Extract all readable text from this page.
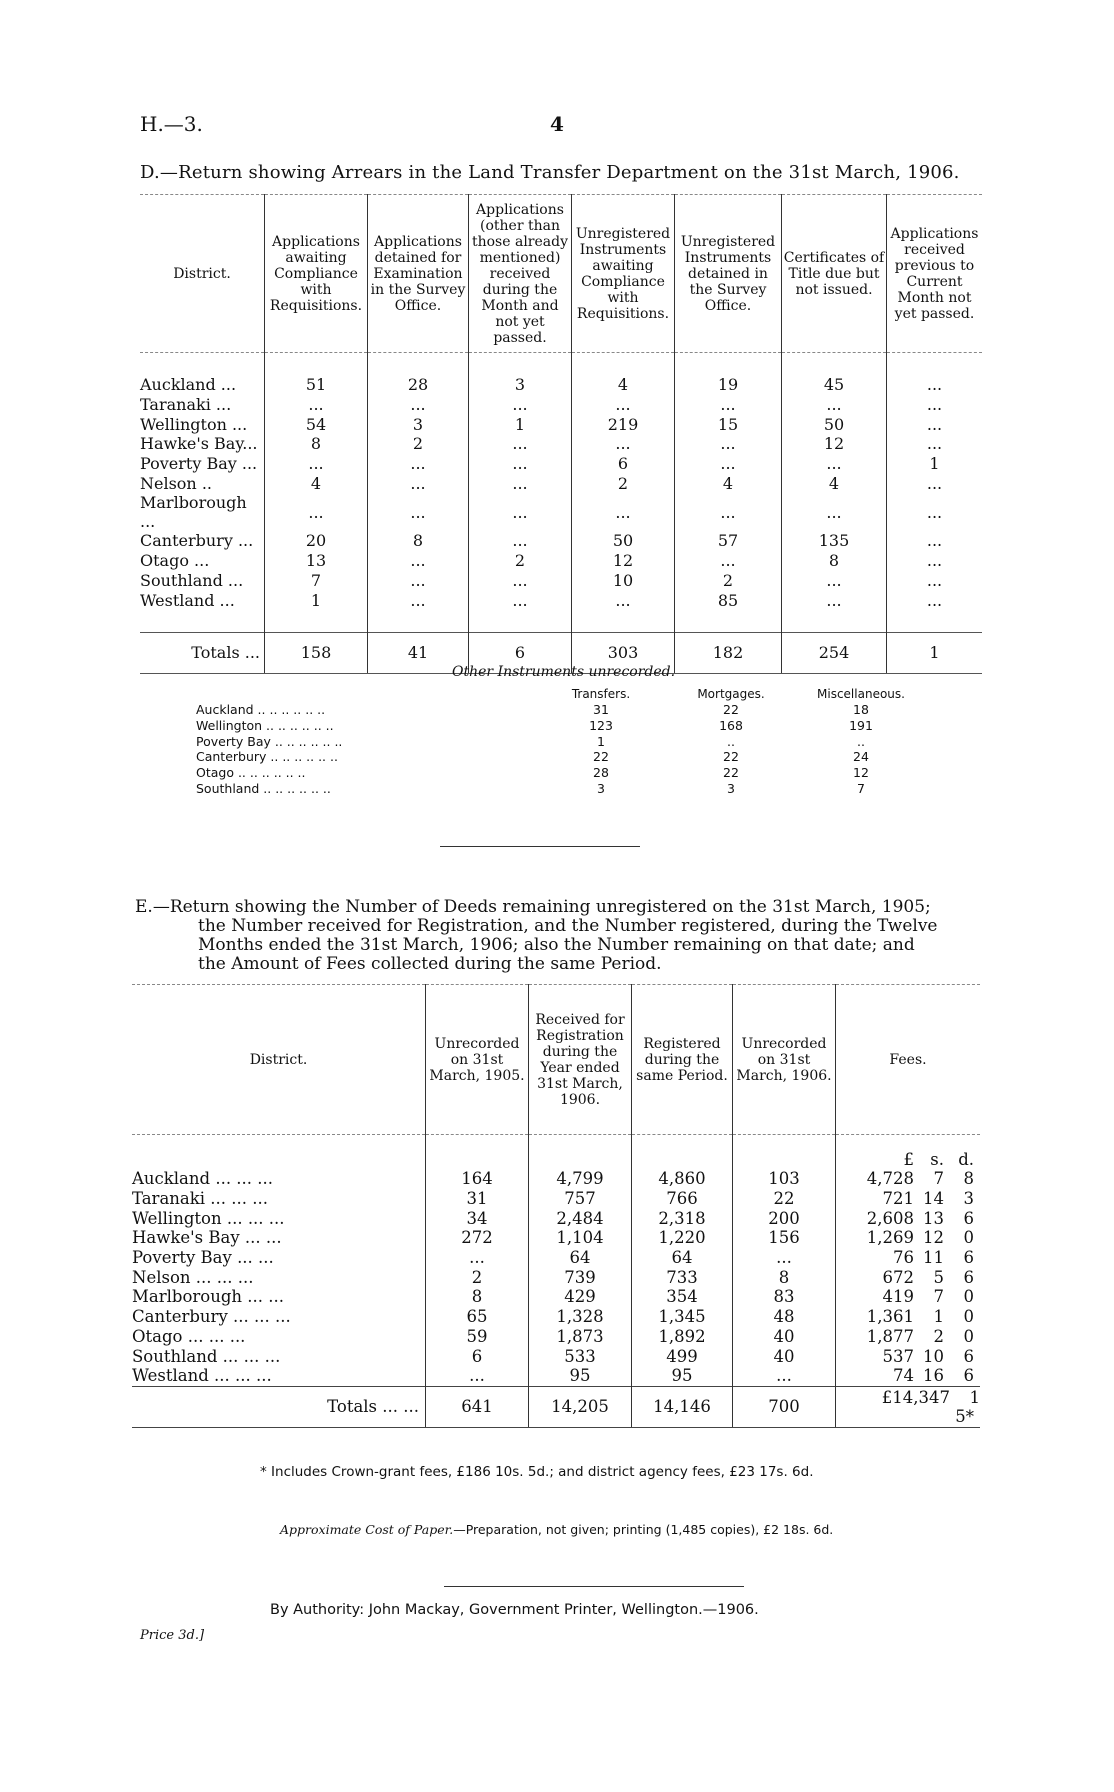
H.—3.	4
D.—Return showing Arrears in the Land Transfer Department on the 31st March, 1906.
District.	Applications awaiting Compliance with Requisitions.	Applications detained for Examination in the Survey Office.	Applications (other than those already mentioned) received during the Month and not yet passed.	Unregistered Instruments awaiting Compliance with Requisitions.	Unregistered Instruments detained in the Survey Office.	Certificates of Title due but not issued.	Applications received previous to Current Month not yet passed.

Auckland ...	51	28	3	4	19	45	...
Taranaki ...	...	...	...	...	...	...	...
Wellington ...	54	3	1	219	15	50	...
Hawke's Bay...	8	2	...	...	...	12	...
Poverty Bay ...	...	...	...	6	...	...	1
Nelson ..	4	...	...	2	4	4	...
Marlborough ...	...	...	...	...	...	...	...
Canterbury ...	20	8	...	50	57	135	...
Otago ...	13	...	2	12	...	8	...
Southland ...	7	...	...	10	2	...	...
Westland ...	1	...	...	...	85	...	...

Totals ...	158	41	6	303	182	254	1
Other Instruments unrecorded.
	Transfers.	Mortgages.	Miscellaneous.
Auckland .. .. .. .. .. ..	31	22	18
Wellington .. .. .. .. .. ..	123	168	191
Poverty Bay .. .. .. .. .. ..	1	..	..
Canterbury .. .. .. .. .. ..	22	22	24
Otago .. .. .. .. .. ..	28	22	12
Southland .. .. .. .. .. ..	3	3	7
E.—Return showing the Number of Deeds remaining unregistered on the 31st March, 1905;
the Number received for Registration, and the Number registered, during the Twelve
Months ended the 31st March, 1906; also the Number remaining on that date; and
the Amount of Fees collected during the same Period.
District.	Unrecorded on 31st March, 1905.	Received for Registration during the Year ended 31st March, 1906.	Registered during the same Period.	Unrecorded on 31st March, 1906.	Fees.
					£ s. d.
Auckland ... ... ...	164	4,799	4,860	103	4,728 7 8
Taranaki ... ... ...	31	757	766	22	721 14 3
Wellington ... ... ...	34	2,484	2,318	200	2,608 13 6
Hawke's Bay ... ...	272	1,104	1,220	156	1,269 12 0
Poverty Bay ... ...	...	64	64	...	76 11 6
Nelson ... ... ...	2	739	733	8	672 5 6
Marlborough ... ...	8	429	354	83	419 7 0
Canterbury ... ... ...	65	1,328	1,345	48	1,361 1 0
Otago ... ... ...	59	1,873	1,892	40	1,877 2 0
Southland ... ... ...	6	533	499	40	537 10 6
Westland ... ... ...	...	95	95	...	74 16 6
Totals ... ...	641	14,205	14,146	700	£14,347 15*
* Includes Crown-grant fees, £186 10s. 5d.; and district agency fees, £23 17s. 6d.
Approximate Cost of Paper.—Preparation, not given; printing (1,485 copies), £2 18s. 6d.
By Authority: John Mackay, Government Printer, Wellington.—1906.
Price 3d.]
